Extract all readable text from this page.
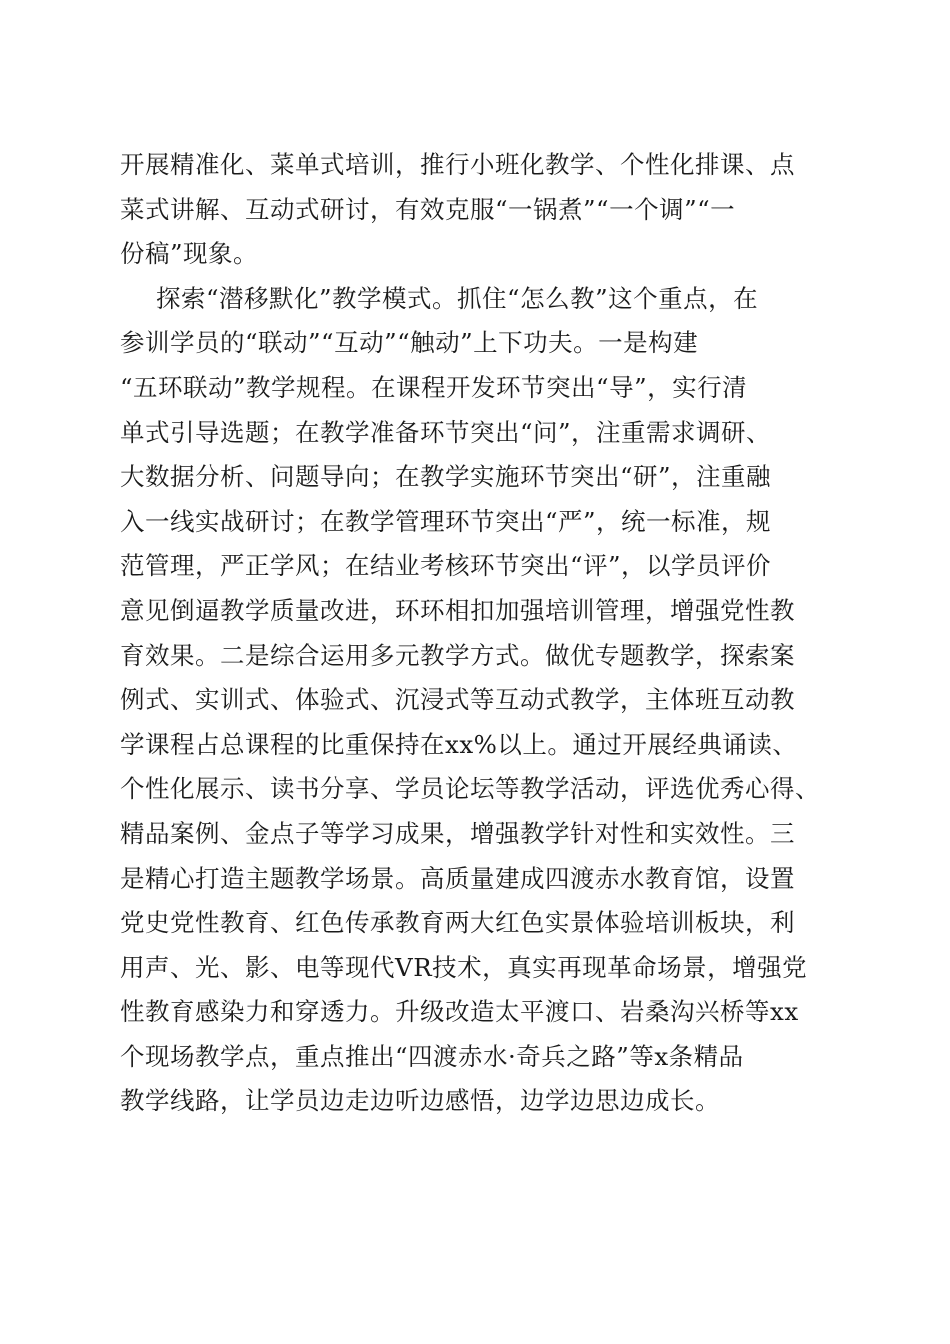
开展精准化、菜单式培训，推行小班化教学、个性化排课、点
菜式讲解、互动式研讨，有效克服“一锅煮”“一个调”“一
份稿”现象。
探索“潜移默化”教学模式。抓住“怎么教”这个重点，在
参训学员的“联动”“互动”“触动”上下功夫。一是构建
“五环联动”教学规程。在课程开发环节突出“导”，实行清
单式引导选题；在教学准备环节突出“问”，注重需求调研、
大数据分析、问题导向；在教学实施环节突出“研”，注重融
入一线实战研讨；在教学管理环节突出“严”，统一标准，规
范管理，严正学风；在结业考核环节突出“评”，以学员评价
意见倒逼教学质量改进，环环相扣加强培训管理，增强党性教
育效果。二是综合运用多元教学方式。做优专题教学，探索案
例式、实训式、体验式、沉浸式等互动式教学，主体班互动教
学课程占总课程的比重保持在xx%以上。通过开展经典诵读、
个性化展示、读书分享、学员论坛等教学活动，评选优秀心得、
精品案例、金点子等学习成果，增强教学针对性和实效性。三
是精心打造主题教学场景。高质量建成四渡赤水教育馆，设置
党史党性教育、红色传承教育两大红色实景体验培训板块，利
用声、光、影、电等现代VR技术，真实再现革命场景，增强党
性教育感染力和穿透力。升级改造太平渡口、岩桑沟兴桥等xx
个现场教学点，重点推出“四渡赤水·奇兵之路”等x条精品
教学线路，让学员边走边听边感悟，边学边思边成长。
